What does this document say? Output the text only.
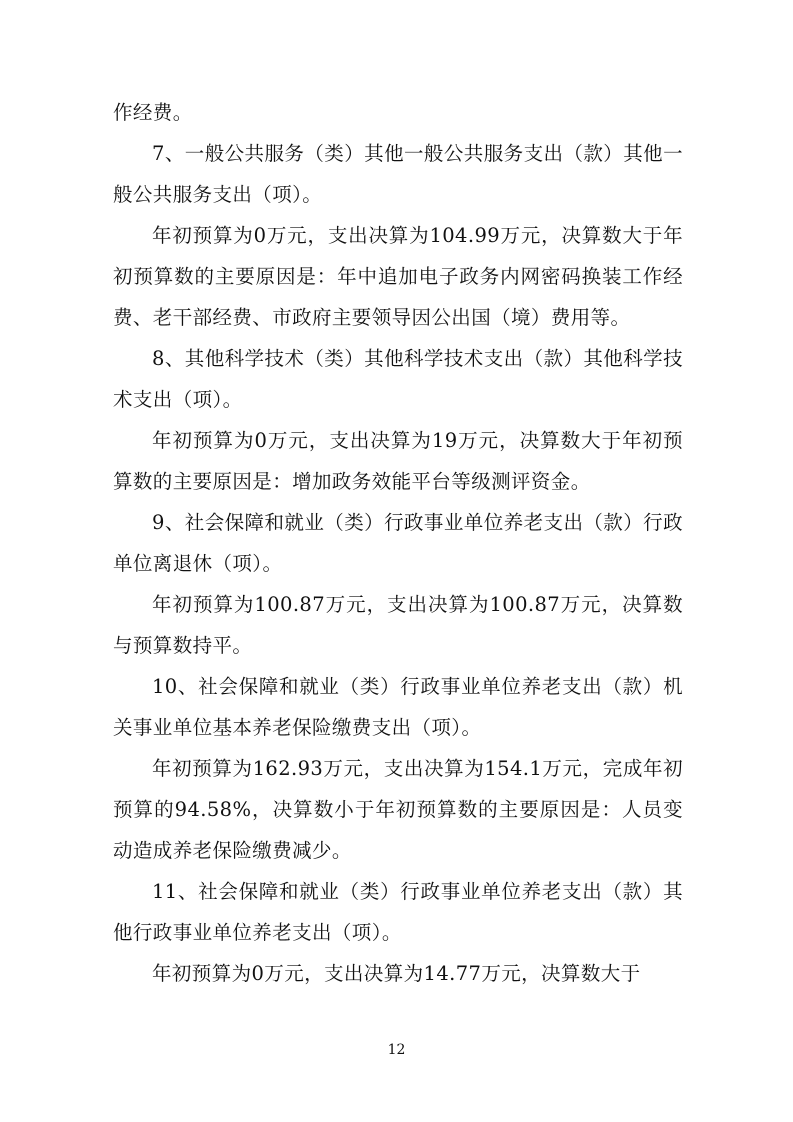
作经费。

7、一般公共服务（类）其他一般公共服务支出（款）其他一般公共服务支出（项）。

年初预算为0万元，支出决算为104.99万元，决算数大于年初预算数的主要原因是：年中追加电子政务内网密码换装工作经费、老干部经费、市政府主要领导因公出国（境）费用等。

8、其他科学技术（类）其他科学技术支出（款）其他科学技术支出（项）。

年初预算为0万元，支出决算为19万元，决算数大于年初预算数的主要原因是：增加政务效能平台等级测评资金。

9、社会保障和就业（类）行政事业单位养老支出（款）行政单位离退休（项）。

年初预算为100.87万元，支出决算为100.87万元，决算数与预算数持平。

10、社会保障和就业（类）行政事业单位养老支出（款）机关事业单位基本养老保险缴费支出（项）。

年初预算为162.93万元，支出决算为154.1万元，完成年初预算的94.58%，决算数小于年初预算数的主要原因是：人员变动造成养老保险缴费减少。

11、社会保障和就业（类）行政事业单位养老支出（款）其他行政事业单位养老支出（项）。

年初预算为0万元，支出决算为14.77万元，决算数大于

12
